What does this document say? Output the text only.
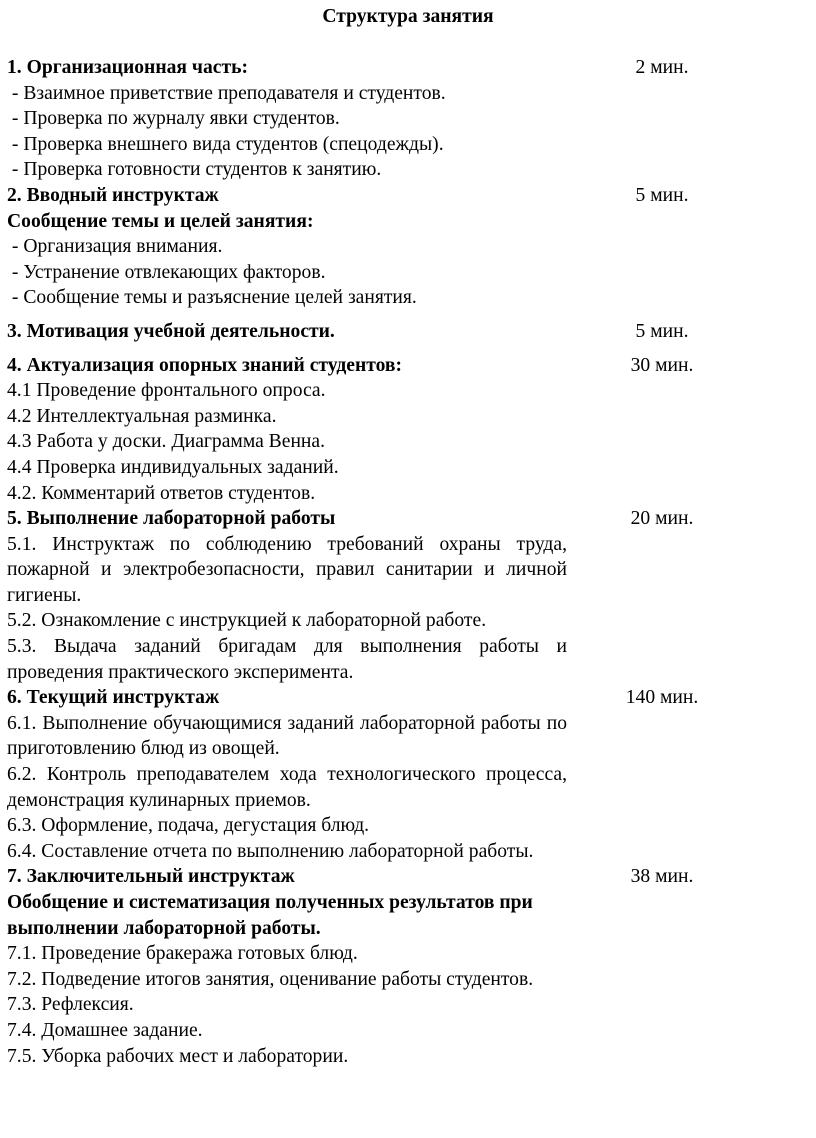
Структура занятия
1. Организационная часть:	2 мин.
- Взаимное приветствие преподавателя и студентов.
- Проверка по журналу явки студентов.
- Проверка внешнего вида студентов (спецодежды).
- Проверка готовности студентов к занятию.
2. Вводный инструктаж	5 мин.
Сообщение темы и целей занятия:
- Организация внимания.
- Устранение отвлекающих факторов.
- Сообщение темы и разъяснение целей занятия.
3. Мотивация учебной деятельности.	5 мин.
4. Актуализация опорных знаний студентов:	30 мин.
4.1 Проведение фронтального опроса.
4.2 Интеллектуальная разминка.
4.3 Работа у доски. Диаграмма Венна.
4.4 Проверка индивидуальных заданий.
4.2. Комментарий ответов студентов.
5. Выполнение лабораторной работы	20 мин.
5.1. Инструктаж по соблюдению требований охраны труда, пожарной и электробезопасности, правил санитарии и личной гигиены.
5.2. Ознакомление с инструкцией к лабораторной работе.
5.3. Выдача заданий бригадам для выполнения работы и проведения практического эксперимента.
6. Текущий инструктаж	140 мин.
6.1. Выполнение обучающимися заданий лабораторной работы по приготовлению блюд из овощей.
6.2. Контроль преподавателем хода технологического процесса, демонстрация кулинарных приемов.
6.3. Оформление, подача, дегустация блюд.
6.4. Составление отчета по выполнению лабораторной работы.
7. Заключительный инструктаж	38 мин.
Обобщение и систематизация полученных результатов при выполнении лабораторной работы.
7.1. Проведение бракеража готовых блюд.
7.2. Подведение итогов занятия, оценивание работы студентов.
7.3. Рефлексия.
7.4. Домашнее задание.
7.5. Уборка рабочих мест и лаборатории.
